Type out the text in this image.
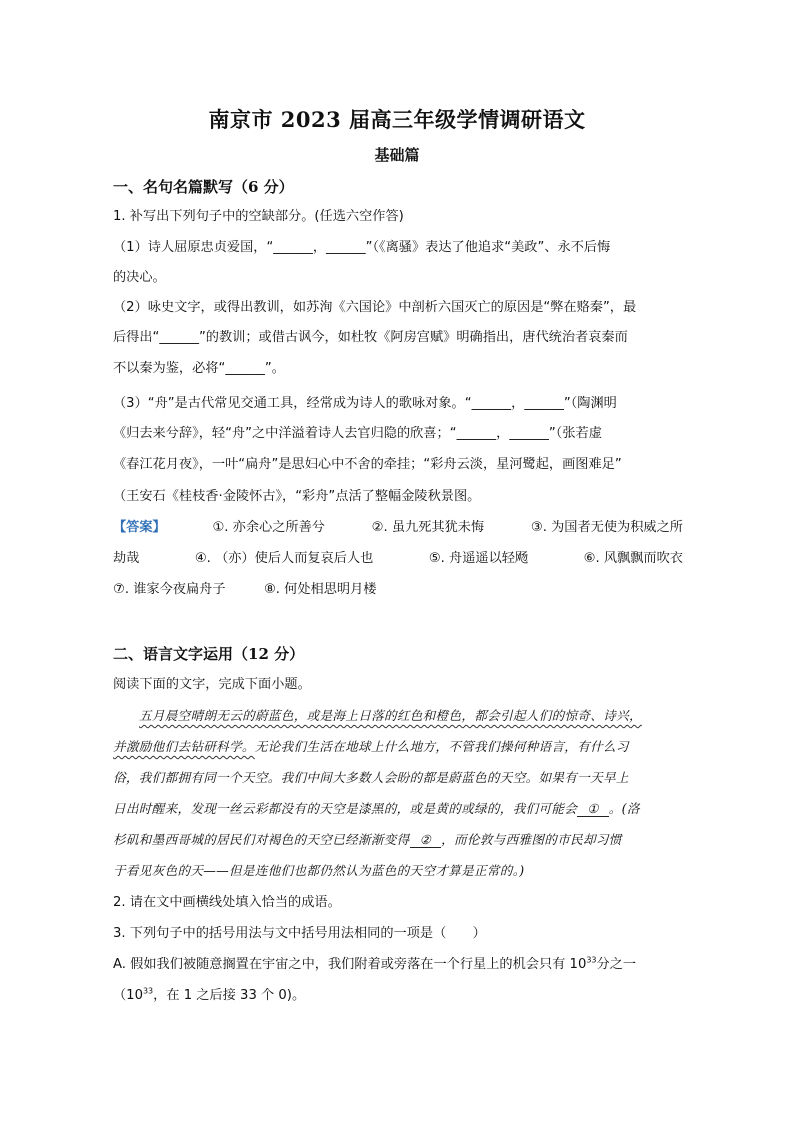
南京市 2023 届高三年级学情调研语文
基础篇
一、名句名篇默写（6 分）
1. 补写出下列句子中的空缺部分。(任选六空作答)
（1）诗人屈原忠贞爱国，“______，______”（《离骚》表达了他追求“美政”、永不后悔
的决心。
（2）咏史文字，或得出教训，如苏洵《六国论》中剖析六国灭亡的原因是“弊在赂秦”，最
后得出“______”的教训；或借古讽今，如杜牧《阿房宫赋》明确指出，唐代统治者哀秦而
不以秦为鉴，必将“______”。
（3）“舟”是古代常见交通工具，经常成为诗人的歌咏对象。“______，______”（陶渊明
《归去来兮辞》，轻“舟”之中洋溢着诗人去官归隐的欣喜；“______，______”（张若虚
《春江花月夜》，一叶“扁舟”是思妇心中不舍的牵挂；“彩舟云淡，星河鹭起，画图难足”
（王安石《桂枝香·金陵怀古》，“彩舟”点活了整幅金陵秋景图。
【答案】	①. 亦余心之所善兮	②. 虽九死其犹未悔	③. 为国者无使为积威之所
劫哉	④. （亦）使后人而复哀后人也	⑤. 舟遥遥以轻飏	⑥. 风飘飘而吹衣
⑦. 谁家今夜扁舟子	⑧. 何处相思明月楼
二、语言文字运用（12 分）
阅读下面的文字，完成下面小题。
五月晨空晴朗无云的蔚蓝色，或是海上日落的红色和橙色，都会引起人们的惊奇、诗兴，
并激励他们去钻研科学。无论我们生活在地球上什么地方，不管我们操何种语言，有什么习
俗，我们都拥有同一个天空。我们中间大多数人会盼的都是蔚蓝色的天空。如果有一天早上
日出时醒来，发现一丝云彩都没有的天空是漆黑的，或是黄的或绿的，我们可能会 ① 。(洛
杉矶和墨西哥城的居民们对褐色的天空已经渐渐变得 ② ，而伦敦与西雅图的市民却习惯
于看见灰色的天——但是连他们也都仍然认为蓝色的天空才算是正常的。)
2. 请在文中画横线处填入恰当的成语。
3. 下列句子中的括号用法与文中括号用法相同的一项是（　　）
A. 假如我们被随意搁置在宇宙之中，我们附着或旁落在一个行星上的机会只有 $10^{33}$分之一
（$10^{33}$，在 1 之后接 33 个 0)。
